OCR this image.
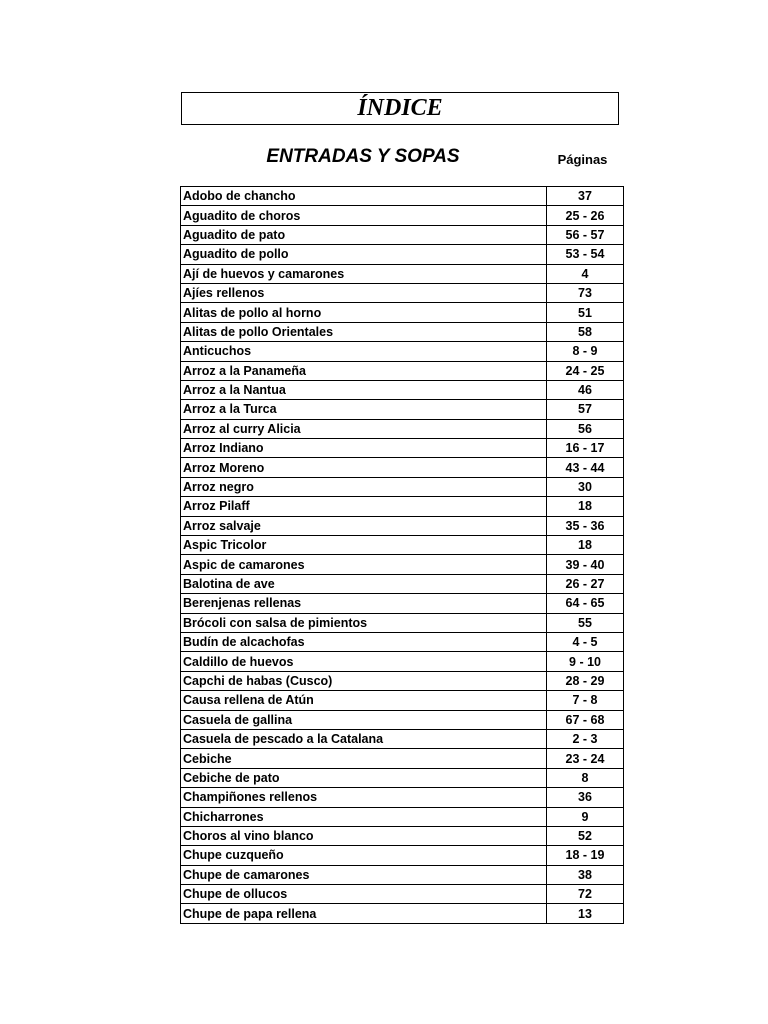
ÍNDICE
ENTRADAS Y SOPAS	Páginas
Adobo de chancho	37
Aguadito de choros	25 - 26
Aguadito de pato	56 - 57
Aguadito de pollo	53 - 54
Ají de huevos y camarones	4
Ajíes rellenos	73
Alitas de pollo al horno	51
Alitas de pollo Orientales	58
Anticuchos	8 - 9
Arroz a la Panameña	24 - 25
Arroz a la Nantua	46
Arroz a la Turca	57
Arroz al curry Alicia	56
Arroz Indiano	16 - 17
Arroz Moreno	43 - 44
Arroz negro	30
Arroz Pilaff	18
Arroz salvaje	35 - 36
Aspic Tricolor	18
Aspic de camarones	39 - 40
Balotina de ave	26 - 27
Berenjenas rellenas	64 - 65
Brócoli con salsa de pimientos	55
Budín de alcachofas	4 - 5
Caldillo de huevos	9 - 10
Capchi de habas (Cusco)	28 - 29
Causa rellena de Atún	7 - 8
Casuela de gallina	67 - 68
Casuela de pescado a la Catalana	2 - 3
Cebiche	23 - 24
Cebiche de pato	8
Champiñones rellenos	36
Chicharrones	9
Choros al vino blanco	52
Chupe cuzqueño	18 - 19
Chupe de camarones	38
Chupe de ollucos	72
Chupe de papa rellena	13
